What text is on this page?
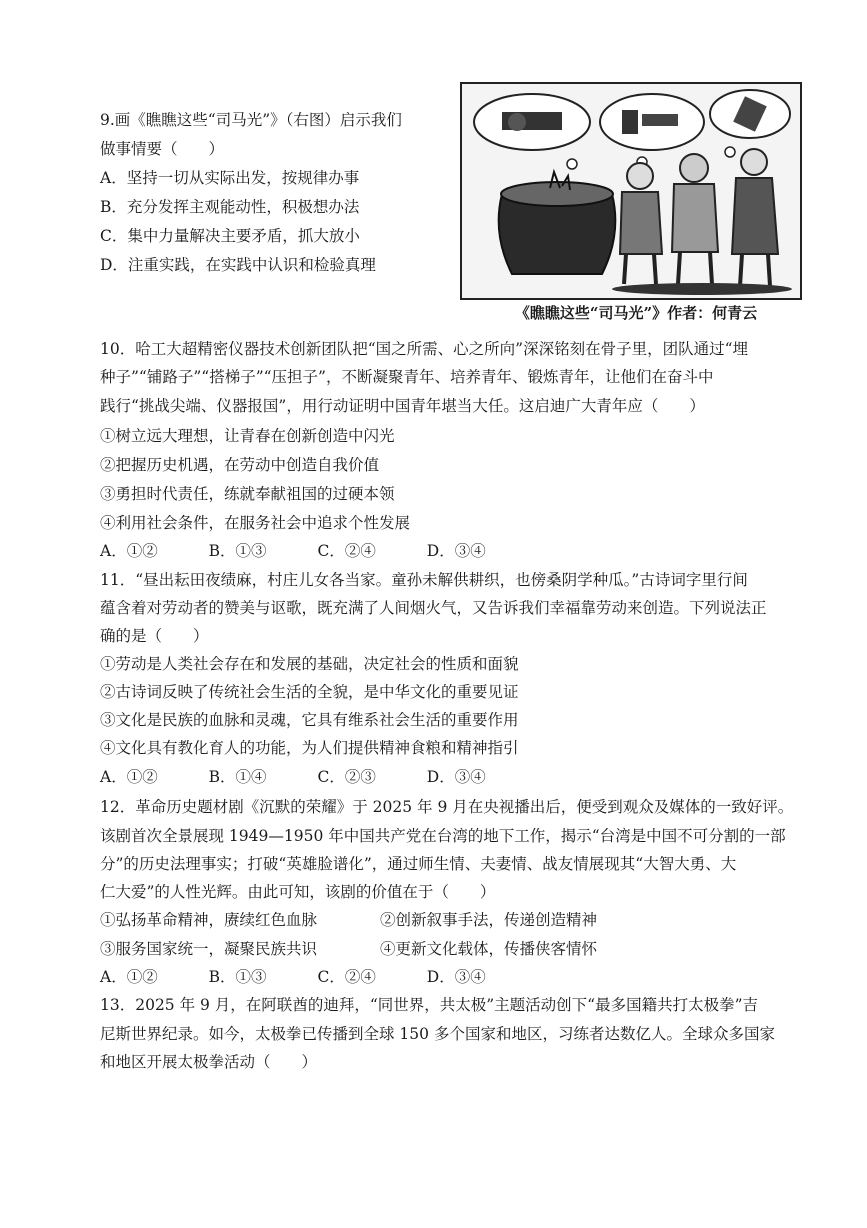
9.画《瞧瞧这些“司马光”》（右图）启示我们
做事情要（　　）
A．坚持一切从实际出发，按规律办事
B．充分发挥主观能动性，积极想办法
C．集中力量解决主要矛盾，抓大放小
D．注重实践，在实践中认识和检验真理
《瞧瞧这些“司马光”》作者：何青云
10．哈工大超精密仪器技术创新团队把“国之所需、心之所向”深深铭刻在骨子里，团队通过“埋
种子”“铺路子”“搭梯子”“压担子”，不断凝聚青年、培养青年、锻炼青年，让他们在奋斗中
践行“挑战尖端、仪器报国”，用行动证明中国青年堪当大任。这启迪广大青年应（　　）
①树立远大理想，让青春在创新创造中闪光
②把握历史机遇，在劳动中创造自我价值
③勇担时代责任，练就奉献祖国的过硬本领
④利用社会条件，在服务社会中追求个性发展
A．①②	B．①③	C．②④	D．③④
11．“昼出耘田夜绩麻，村庄儿女各当家。童孙未解供耕织，也傍桑阴学种瓜。”古诗词字里行间
蕴含着对劳动者的赞美与讴歌，既充满了人间烟火气，又告诉我们幸福靠劳动来创造。下列说法正
确的是（　　）
①劳动是人类社会存在和发展的基础，决定社会的性质和面貌
②古诗词反映了传统社会生活的全貌，是中华文化的重要见证
③文化是民族的血脉和灵魂，它具有维系社会生活的重要作用
④文化具有教化育人的功能，为人们提供精神食粮和精神指引
A．①②	B．①④	C．②③	D．③④
12．革命历史题材剧《沉默的荣耀》于 2025 年 9 月在央视播出后，便受到观众及媒体的一致好评。
该剧首次全景展现 1949—1950 年中国共产党在台湾的地下工作，揭示“台湾是中国不可分割的一部
分”的历史法理事实；打破“英雄脸谱化”，通过师生情、夫妻情、战友情展现其“大智大勇、大
仁大爱”的人性光辉。由此可知，该剧的价值在于（　　）
①弘扬革命精神，赓续红色血脉	②创新叙事手法，传递创造精神
③服务国家统一，凝聚民族共识	④更新文化载体，传播侠客情怀
A．①②	B．①③	C．②④	D．③④
13．2025 年 9 月，在阿联酋的迪拜，“同世界，共太极”主题活动创下“最多国籍共打太极拳”吉
尼斯世界纪录。如今，太极拳已传播到全球 150 多个国家和地区，习练者达数亿人。全球众多国家
和地区开展太极拳活动（　　）
